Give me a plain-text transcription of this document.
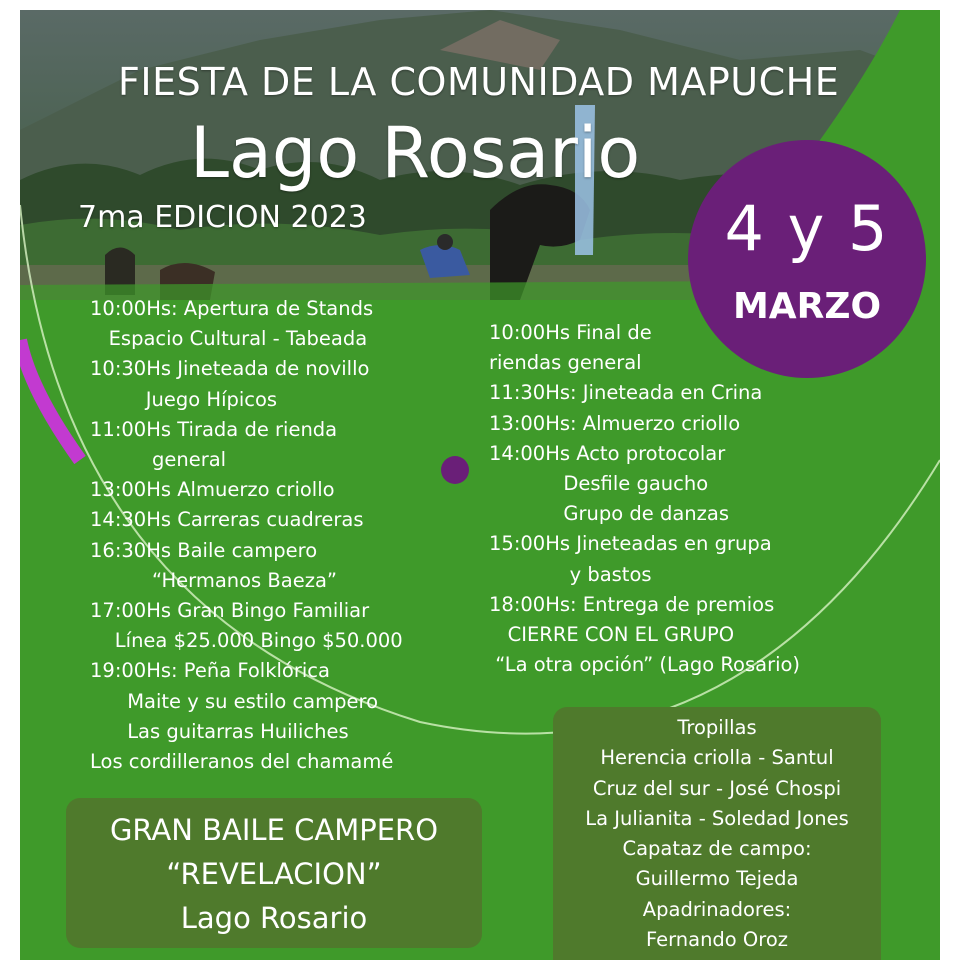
FIESTA DE LA COMUNIDAD MAPUCHE
Lago Rosario
7ma EDICION 2023	4 y 5
MARZO
10:00Hs: Apertura de Stands
Espacio Cultural - Tabeada
10:30Hs Jineteada de novillo
Juego Hípicos
11:00Hs Tirada de rienda
general
13:00Hs Almuerzo criollo
14:30Hs Carreras cuadreras
16:30Hs Baile campero
“Hermanos Baeza”
17:00Hs Gran Bingo Familiar
Línea $25.000 Bingo $50.000
19:00Hs: Peña Folklórica
Maite y su estilo campero
Las guitarras Huiliches
Los cordilleranos del chamamé
10:00Hs Final de
riendas general
11:30Hs: Jineteada en Crina
13:00Hs: Almuerzo criollo
14:00Hs Acto protocolar
Desfile gaucho
Grupo de danzas
15:00Hs Jineteadas en grupa
y bastos
18:00Hs: Entrega de premios
CIERRE CON EL GRUPO
“La otra opción” (Lago Rosario)
GRAN BAILE CAMPERO
“REVELACION”
Lago Rosario
Tropillas
Herencia criolla - Santul
Cruz del sur - José Chospi
La Julianita - Soledad Jones
Capataz de campo:
Guillermo Tejeda
Apadrinadores:
Fernando Oroz
